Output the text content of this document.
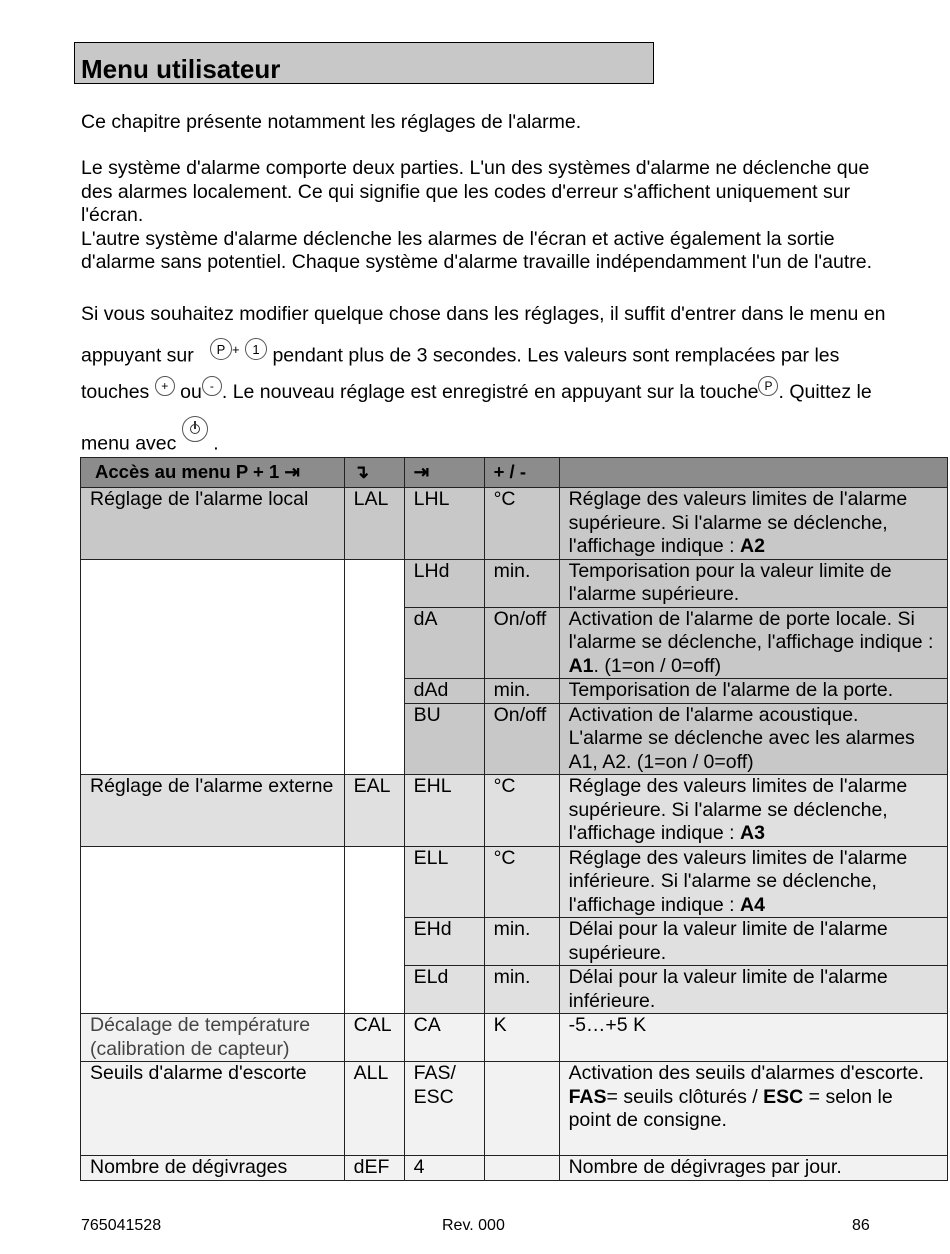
Menu utilisateur
Ce chapitre présente notamment les réglages de l'alarme.
Le système d'alarme comporte deux parties. L'un des systèmes d'alarme ne déclenche que
des alarmes localement. Ce qui signifie que les codes d'erreur s'affichent uniquement sur
l'écran.
L'autre système d'alarme déclenche les alarmes de l'écran et active également la sortie
d'alarme sans potentiel. Chaque système d'alarme travaille indépendamment l'un de l'autre.
Si vous souhaitez modifier quelque chose dans les réglages, il suffit d'entrer dans le menu en
appuyant sur P + 1 pendant plus de 3 secondes. Les valeurs sont remplacées par les
touches + ou - . Le nouveau réglage est enregistré en appuyant sur la touche P . Quittez le
menu avec .
Accès au menu P + 1 ⇥	↴	⇥	+ / -	
Réglage de l'alarme local	LAL	LHL	°C	Réglage des valeurs limites de l'alarme supérieure. Si l'alarme se déclenche, l'affichage indique : A2
		LHd	min.	Temporisation pour la valeur limite de l'alarme supérieure.
		dA	On/off	Activation de l'alarme de porte locale. Si l'alarme se déclenche, l'affichage indique : A1. (1=on / 0=off)
		dAd	min.	Temporisation de l'alarme de la porte.
		BU	On/off	Activation de l'alarme acoustique. L'alarme se déclenche avec les alarmes A1, A2. (1=on / 0=off)
Réglage de l'alarme externe	EAL	EHL	°C	Réglage des valeurs limites de l'alarme supérieure. Si l'alarme se déclenche, l'affichage indique : A3
		ELL	°C	Réglage des valeurs limites de l'alarme inférieure. Si l'alarme se déclenche, l'affichage indique : A4
		EHd	min.	Délai pour la valeur limite de l'alarme supérieure.
		ELd	min.	Délai pour la valeur limite de l'alarme inférieure.
Décalage de température (calibration de capteur)	CAL	CA	K	-5…+5 K
Seuils d'alarme d'escorte	ALL	FAS/ ESC		Activation des seuils d'alarmes d'escorte.
FAS= seuils clôturés / ESC = selon le point de consigne.
Nombre de dégivrages	dEF	4		Nombre de dégivrages par jour.
765041528	Rev. 000	86
